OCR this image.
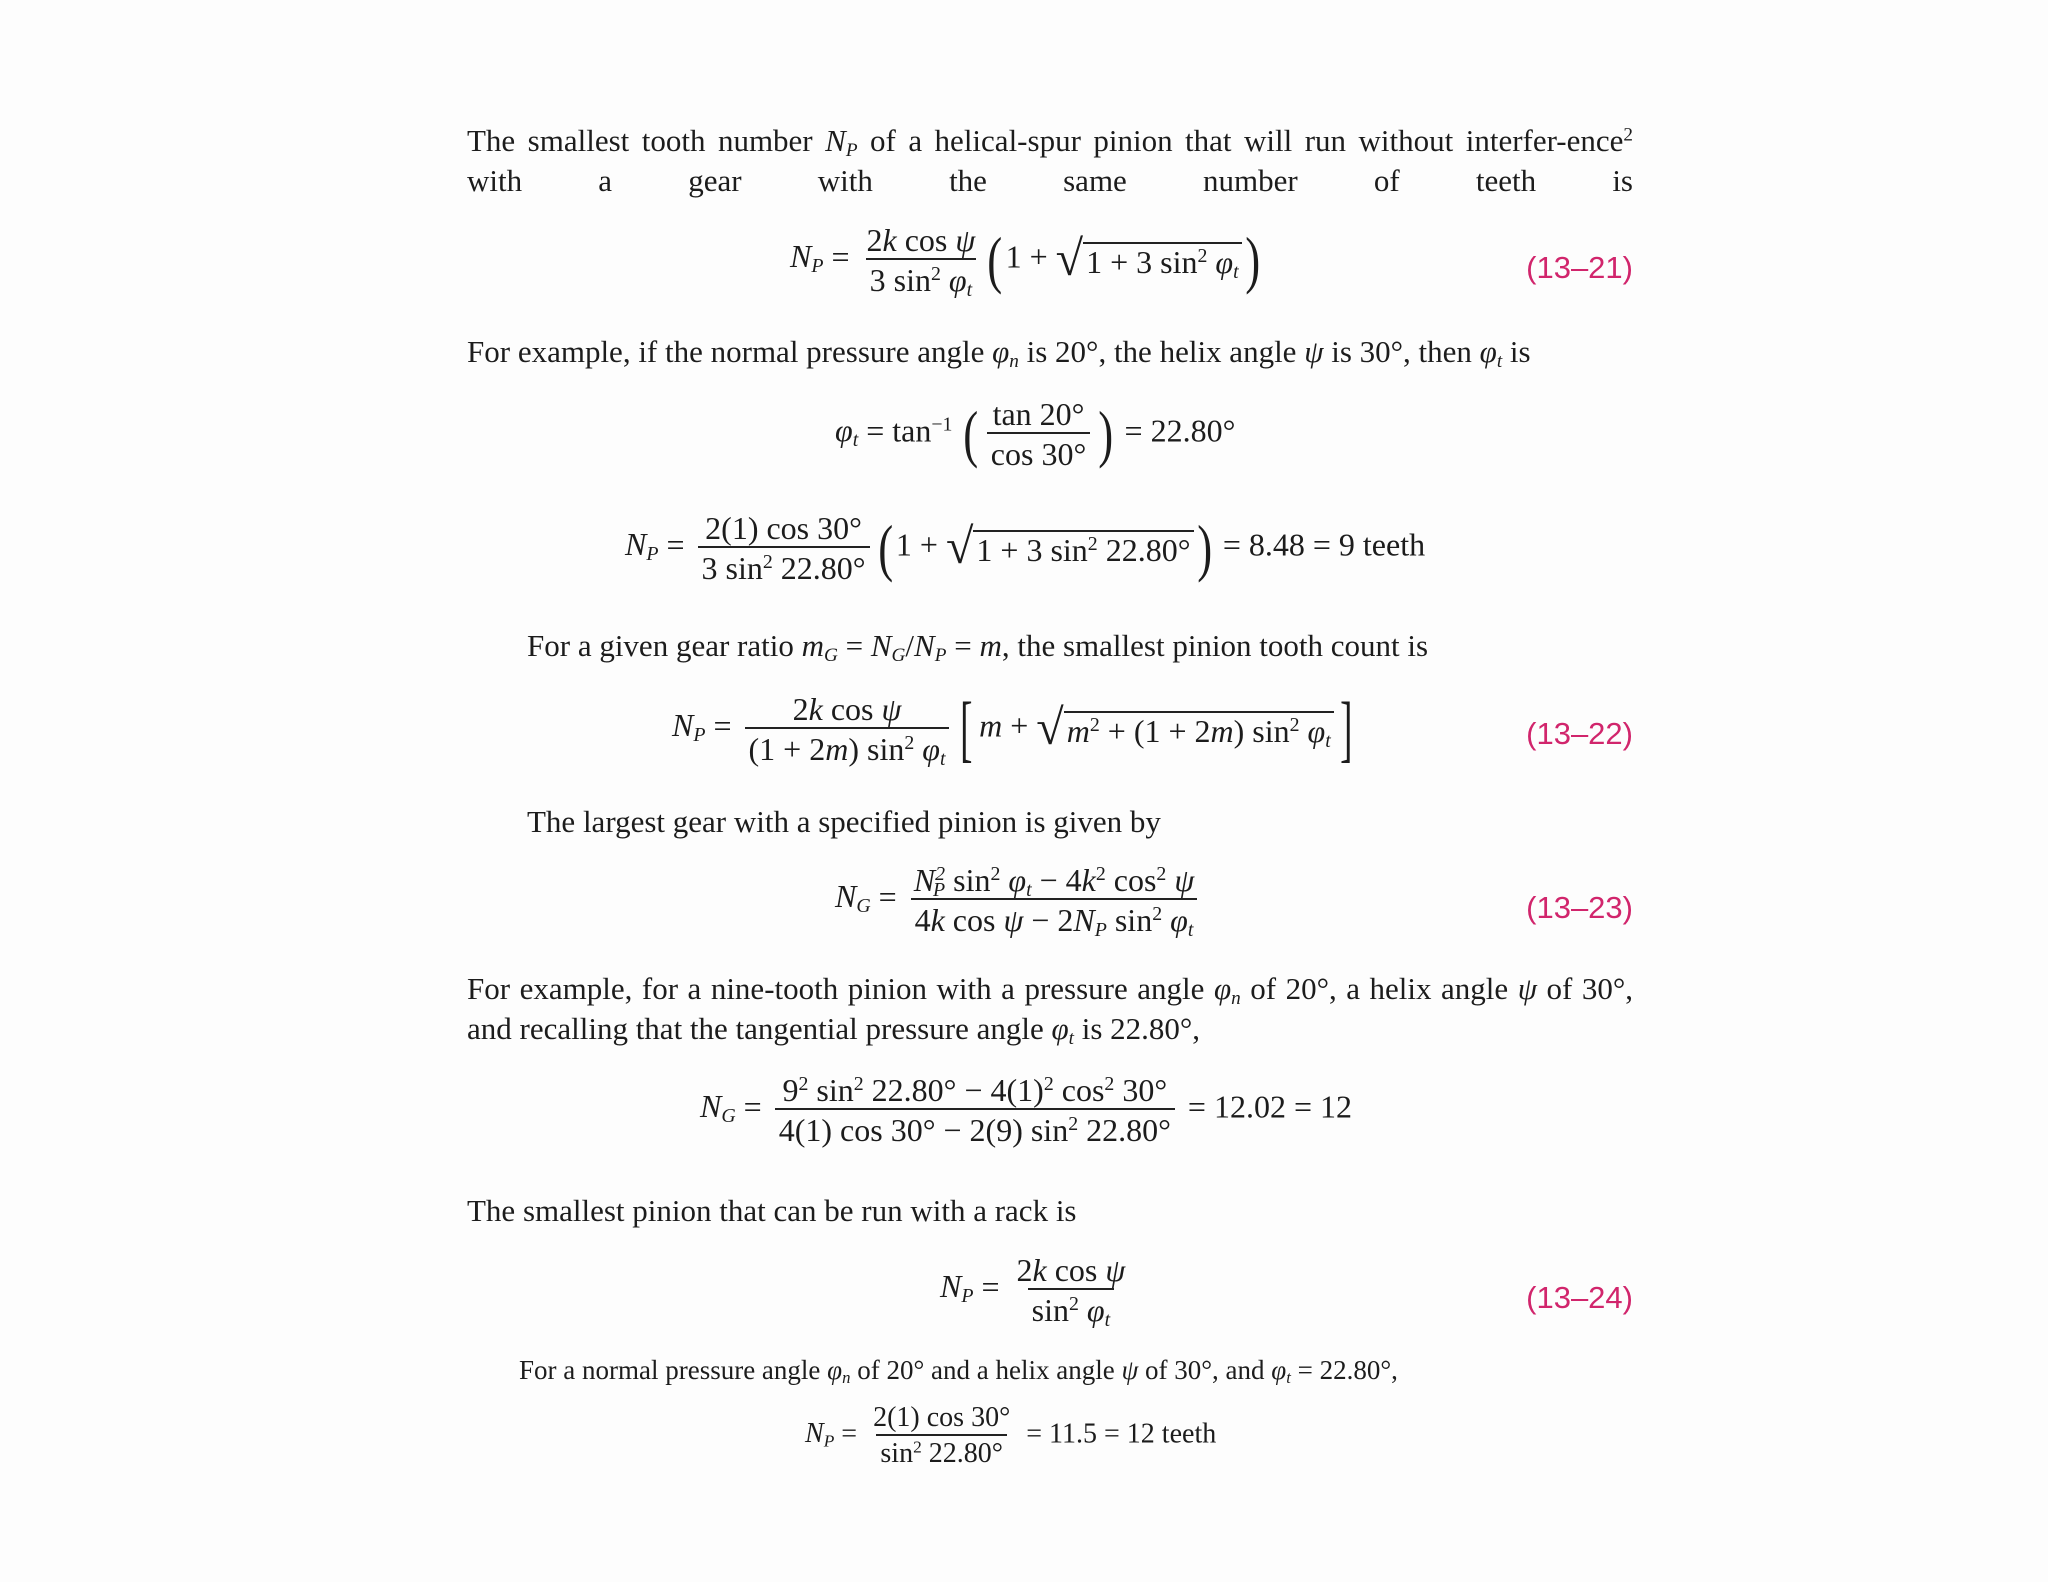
The smallest tooth number $N_P$ of a helical-spur pinion that will run without interfer-ence$^2$ with a gear with the same number of teeth is

$N_P = \frac{\text{2k cos ψ}}{3 \sin^2 \varphi_t} (1 + √1 + 3$ $\sin^2 \varphi_t$)	(13–21)

For example, if the normal pressure angle $\varphi_n$ is 20°, the helix angle ψ is 30°, then $\varphi_t$ is

$\varphi_t = \tan^{-1}$ ( $\frac{\tan 20^\circ}{\cos 30^\circ}$ ) = 22.80°
$N_P = \frac{2(1) \cos 30^\circ}{3 \sin^2 22.80^\circ} (1 + √1 + 3$ $\sin^2 22.80^\circ) = 8.48 = 9$ teeth

For a given gear ratio $m_G = N_G/N_P = m$, the smallest pinion tooth count is

$N_P = \frac{\text{2k cos ψ}}{(1 + 2m) \sin^2 \varphi_t}$ [ $m + √m^2 + (1 + 2m)$ $\sin^2 \varphi_t$ ]	(13–22)

The largest gear with a specified pinion is given by

$N_G = \frac{N^2_P \sin^2 \varphi_t - 4k^2 \cos^2 \psi}{4k \cos \psi - 2N_P \sin^2 \varphi_t}$	(13–23)

For example, for a nine-tooth pinion with a pressure angle $\varphi_n$ of 20°, a helix angle ψ of 30°, and recalling that the tangential pressure angle $\varphi_t$ is 22.80°,

$N_G = \frac{9^2 \sin^2 22.80^\circ - 4(1)^2 \cos^2 30^\circ}{4(1) \cos 30^\circ - 2(9) \sin^2 22.80^\circ} = 12.02 = 12$

The smallest pinion that can be run with a rack is

$N_P = \frac{\text{2k cos ψ}}{\sin^2 \varphi_t}$	(13–24)

For a normal pressure angle $\varphi_n$ of 20° and a helix angle ψ of 30°, and $\varphi_t = 22.80^\circ$,

$N_P = \frac{2(1) \cos 30^\circ}{\sin^2 22.80^\circ} = 11.5 = 12$ teeth
